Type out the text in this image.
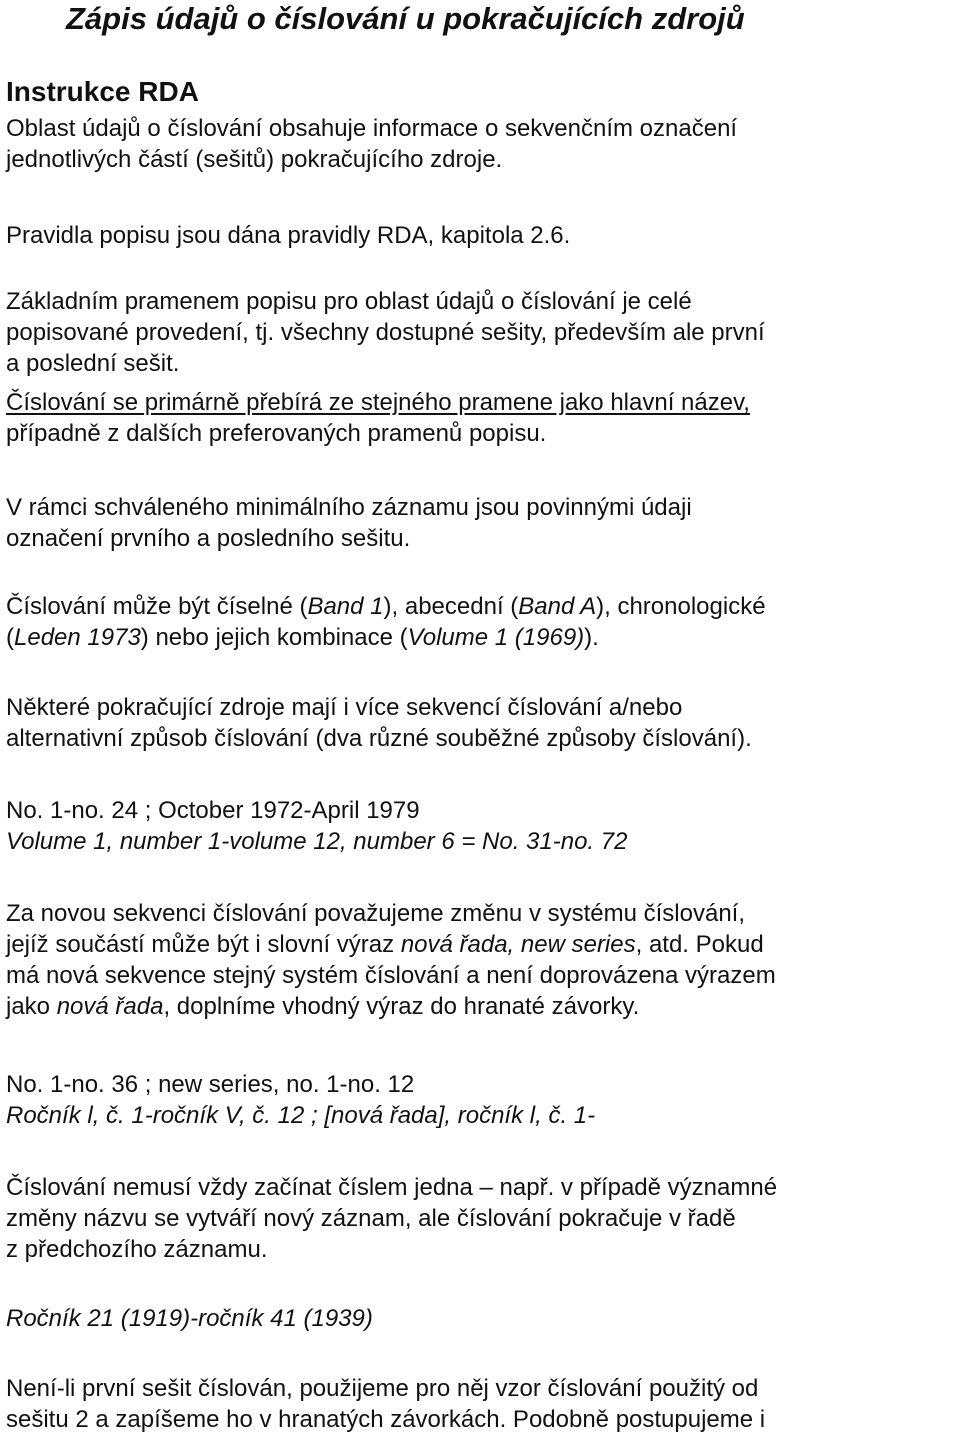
Zápis údajů o číslování u pokračujících zdrojů
Instrukce RDA
Oblast údajů o číslování obsahuje informace o sekvenčním označení
jednotlivých částí (sešitů) pokračujícího zdroje.
Pravidla popisu jsou dána pravidly RDA, kapitola 2.6.
Základním pramenem popisu pro oblast údajů o číslování je celé
popisované provedení, tj. všechny dostupné sešity, především ale první
a poslední sešit.
Číslování se primárně přebírá ze stejného pramene jako hlavní název,
případně z dalších preferovaných pramenů popisu.
V rámci schváleného minimálního záznamu jsou povinnými údaji
označení prvního a posledního sešitu.
Číslování může být číselné (Band 1), abecední (Band A), chronologické
(Leden 1973) nebo jejich kombinace (Volume 1 (1969)).
Některé pokračující zdroje mají i více sekvencí číslování a/nebo
alternativní způsob číslování (dva různé souběžné způsoby číslování).
No. 1-no. 24 ; October 1972-April 1979
Volume 1, number 1-volume 12, number 6 = No. 31-no. 72
Za novou sekvenci číslování považujeme změnu v systému číslování,
jejíž součástí může být i slovní výraz nová řada, new series, atd. Pokud
má nová sekvence stejný systém číslování a není doprovázena výrazem
jako nová řada, doplníme vhodný výraz do hranaté závorky.
No. 1-no. 36 ; new series, no. 1-no. 12
Ročník l, č. 1-ročník V, č. 12 ; [nová řada], ročník l, č. 1-
Číslování nemusí vždy začínat číslem jedna – např. v případě významné
změny názvu se vytváří nový záznam, ale číslování pokračuje v řadě
z předchozího záznamu.
Ročník 21 (1919)-ročník 41 (1939)
Není-li první sešit číslován, použijeme pro něj vzor číslování použitý od
sešitu 2 a zapíšeme ho v hranatých závorkách. Podobně postupujeme i
